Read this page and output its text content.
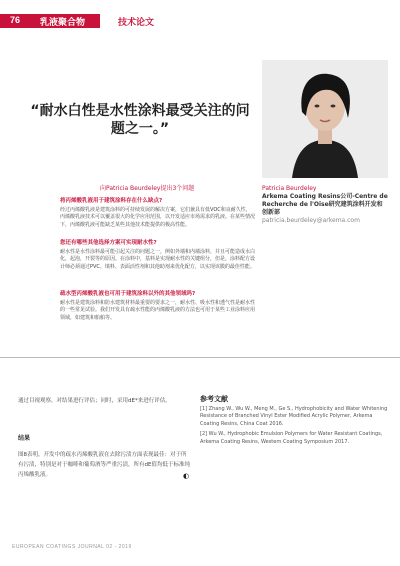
76 乳液聚合物	技术论文
“耐水白性是水性涂料最受关注的问题之一。”
向Patricia Beurdeley提出3个问题	Patricia Beurdeley
Arkema Coating Resins公司-Centre de Recherche de l'Oise研究建筑涂料开发和创新部
patricia.beurdeley@arkema.com
将丙烯酸乳液用于建筑涂料存在什么缺点?
经过丙烯酸乳液是建筑涂料的可持续发展的解决方案，它们兼具有低VOC和良耐久性，丙烯酸乳液技术可以覆盖很大的化学应用范围，以开发适应市场需求的乳液。在某些情况下，丙烯酸乳液可能缺乏某些其他技术能提供的极高性能。
您还有哪些其他选择方案可实现耐水性?
耐水性是水性涂料最可能引起关注的问题之一，例如外墙和内墙涂料，并且可能造成水白化，起泡，开裂等的原因。在涂料中，基料是实现耐水性的关键组分，但是，涂料配方设计师必须通过PVC、填料、表面活性剂和其他助剂来优化配方，以实现该膜的最佳性能。
疏水型丙烯酸乳液也可用于建筑涂料以外的其他领域吗?
耐水性是建筑涂料和防水建筑材料最重要的要求之一，耐水性、吸水性和透气性是耐水性的一些常见试验。我们开发具有疏水性能的丙烯酸乳液的方法也可用于某些工业涂料应用领域，如建筑和船舶等。
通过目视观察，对结果进行评估；同时，采用dE*来进行评估。
结果
图8表明，开发中的疏水丙烯酸乳液在去除污渍方面表现最佳：对于所有污渍，特别是对于咖啡和葡萄酒等严重污渍，所有dE值均低于标准纯丙烯酸乳液。	◐
参考文献
[1] Zhang W., Wu W., Meng M., Ge S., Hydrophobicity and Water Whitening Resistance of Branched Vinyl Ester Modified Acrylic Polymer, Arkema Coating Resins, China Coat 2016.
[2] Wu W., Hydrophobic Emulsion Polymers for Water Resistant Coatings, Arkema Coating Resins, Western Coating Symposium 2017.
EUROPEAN COATINGS JOURNAL 02 - 2019
